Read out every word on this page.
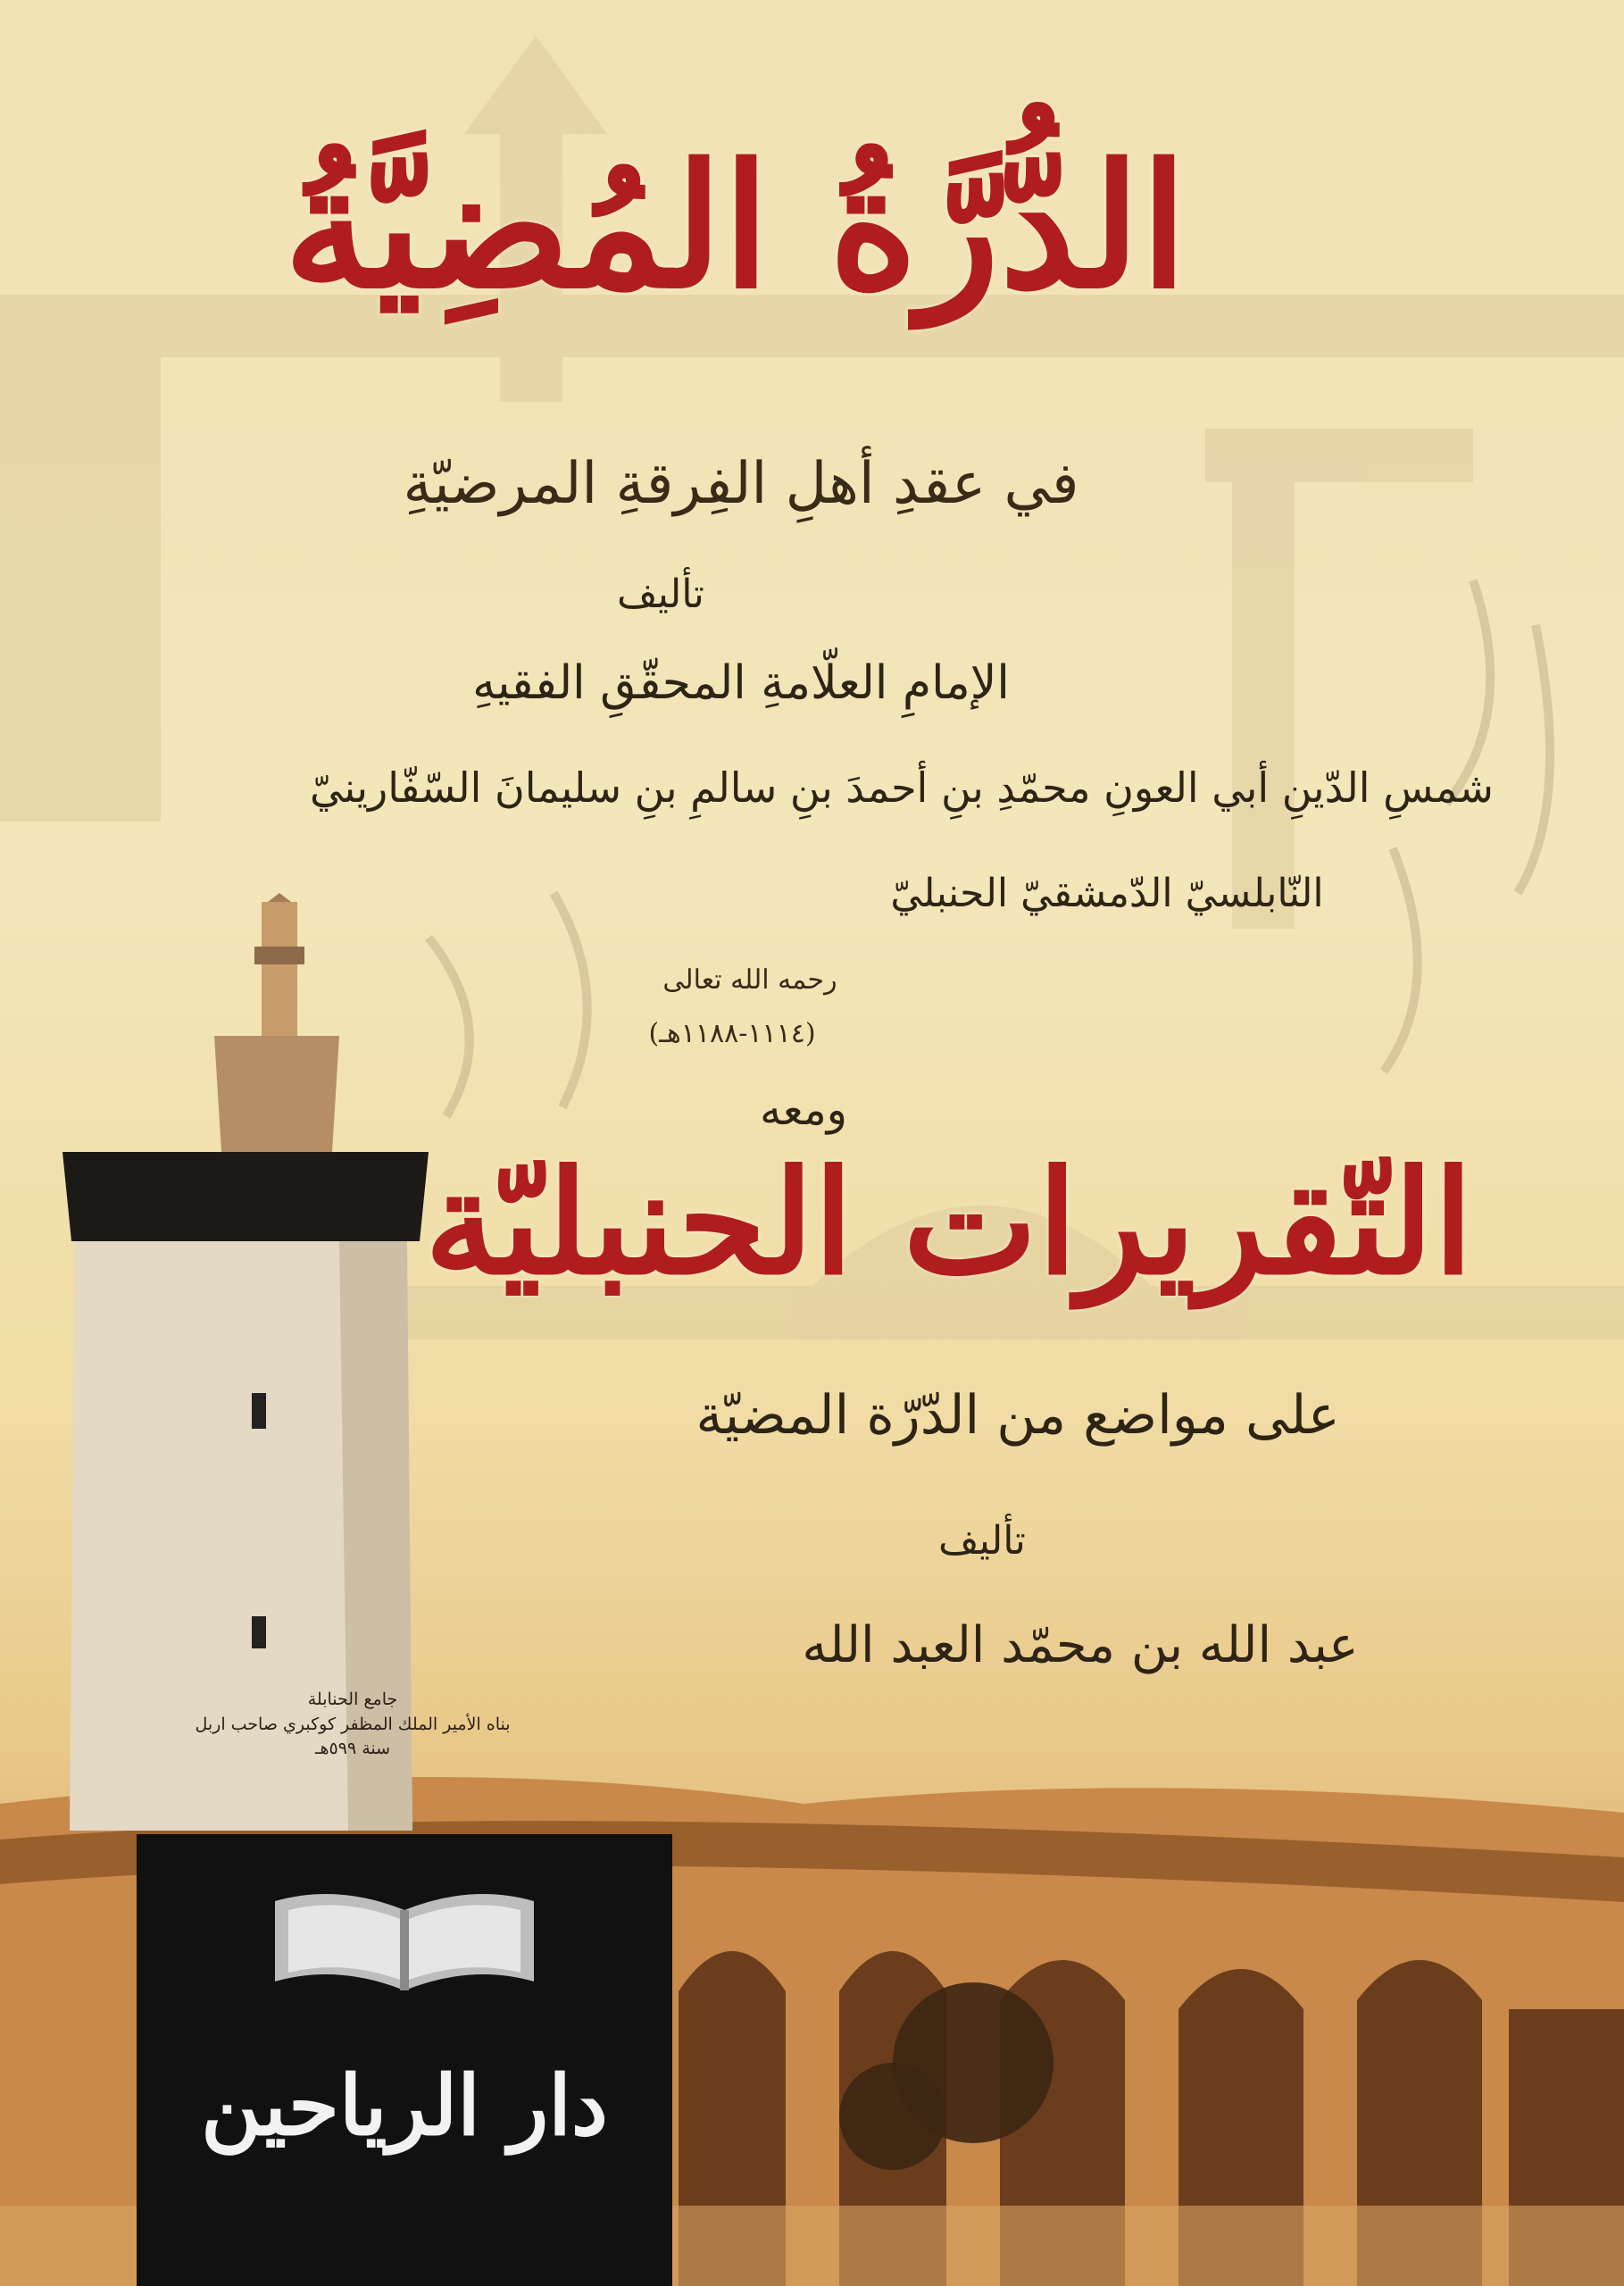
الدُّرَّةُ المُضِيَّةُ

في عقدِ أهلِ الفِرقةِ المرضيّةِ

تأليف

الإمامِ العلّامةِ المحقّقِ الفقيهِ

شمسِ الدّينِ أبي العونِ محمّدِ بنِ أحمدَ بنِ سالمِ بنِ سليمانَ السّفّارينيّ

النّابلسيّ الدّمشقيّ الحنبليّ

رحمه الله تعالى

(١١١٤-١١٨٨هـ)

ومعه

التّقريرات الحنبليّة

على مواضع من الدّرّة المضيّة

تأليف

عبد الله بن محمّد العبد الله

جامع الحنابلة
بناه الأمير الملك المظفر كوكبري صاحب اربل
سنة ٥٩٩هـ
دار الرياحين
